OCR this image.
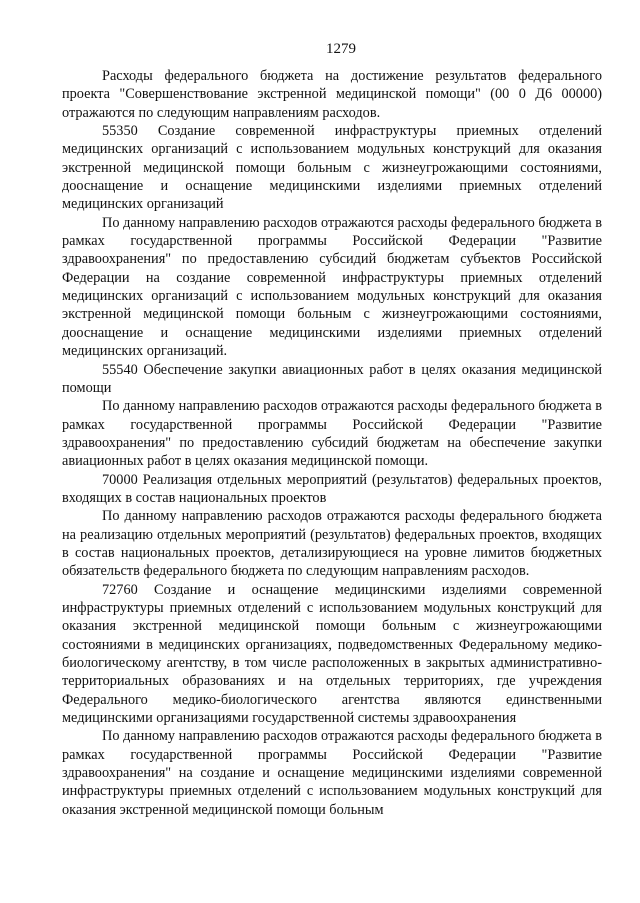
1279

Расходы федерального бюджета на достижение результатов федерального проекта "Совершенствование экстренной медицинской помощи" (00 0 Д6 00000) отражаются по следующим направлениям расходов.

55350 Создание современной инфраструктуры приемных отделений медицинских организаций с использованием модульных конструкций для оказания экстренной медицинской помощи больным с жизнеугрожающими состояниями, дооснащение и оснащение медицинскими изделиями приемных отделений медицинских организаций

По данному направлению расходов отражаются расходы федерального бюджета в рамках государственной программы Российской Федерации "Развитие здравоохранения" по предоставлению субсидий бюджетам субъектов Российской Федерации на создание современной инфраструктуры приемных отделений медицинских организаций с использованием модульных конструкций для оказания экстренной медицинской помощи больным с жизнеугрожающими состояниями, дооснащение и оснащение медицинскими изделиями приемных отделений медицинских организаций.

55540 Обеспечение закупки авиационных работ в целях оказания медицинской помощи

По данному направлению расходов отражаются расходы федерального бюджета в рамках государственной программы Российской Федерации "Развитие здравоохранения" по предоставлению субсидий бюджетам на обеспечение закупки авиационных работ в целях оказания медицинской помощи.

70000 Реализация отдельных мероприятий (результатов) федеральных проектов, входящих в состав национальных проектов

По данному направлению расходов отражаются расходы федерального бюджета на реализацию отдельных мероприятий (результатов) федеральных проектов, входящих в состав национальных проектов, детализирующиеся на уровне лимитов бюджетных обязательств федерального бюджета по следующим направлениям расходов.

72760 Создание и оснащение медицинскими изделиями современной инфраструктуры приемных отделений с использованием модульных конструкций для оказания экстренной медицинской помощи больным с жизнеугрожающими состояниями в медицинских организациях, подведомственных Федеральному медико-биологическому агентству, в том числе расположенных в закрытых административно-территориальных образованиях и на отдельных территориях, где учреждения Федерального медико-биологического агентства являются единственными медицинскими организациями государственной системы здравоохранения

По данному направлению расходов отражаются расходы федерального бюджета в рамках государственной программы Российской Федерации "Развитие здравоохранения" на создание и оснащение медицинскими изделиями современной инфраструктуры приемных отделений с использованием модульных конструкций для оказания экстренной медицинской помощи больным
